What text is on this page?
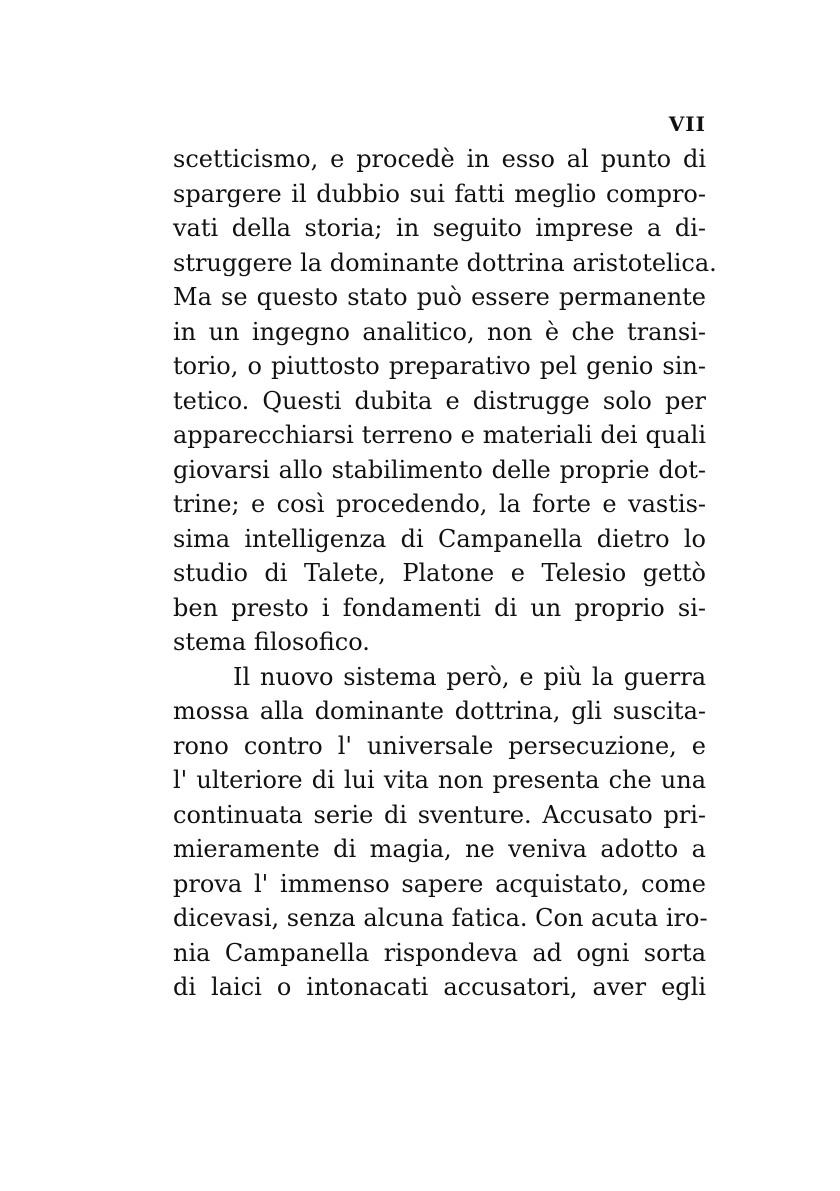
VII
scetticismo, e procedè in esso al punto di
spargere il dubbio sui fatti meglio compro-
vati della storia; in seguito imprese a di-
struggere la dominante dottrina aristotelica.
Ma se questo stato può essere permanente
in un ingegno analitico, non è che transi-
torio, o piuttosto preparativo pel genio sin-
tetico. Questi dubita e distrugge solo per
apparecchiarsi terreno e materiali dei quali
giovarsi allo stabilimento delle proprie dot-
trine; e così procedendo, la forte e vastis-
sima intelligenza di Campanella dietro lo
studio di Talete, Platone e Telesio gettò
ben presto i fondamenti di un proprio si-
stema filosofico.
Il nuovo sistema però, e più la guerra
mossa alla dominante dottrina, gli suscita-
rono contro l' universale persecuzione, e
l' ulteriore di lui vita non presenta che una
continuata serie di sventure. Accusato pri-
mieramente di magia, ne veniva adotto a
prova l' immenso sapere acquistato, come
dicevasi, senza alcuna fatica. Con acuta iro-
nia Campanella rispondeva ad ogni sorta
di laici o intonacati accusatori, aver egli
